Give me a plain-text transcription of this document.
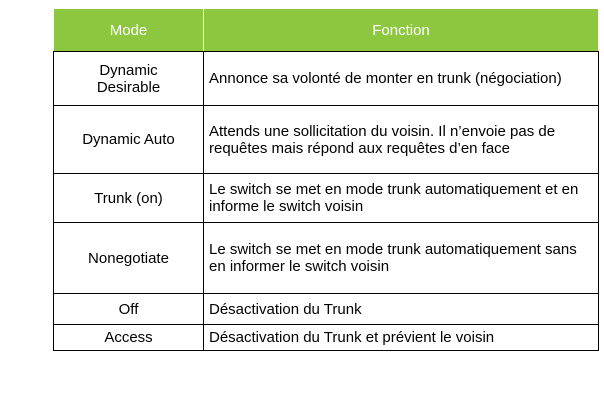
Mode	Fonction
Dynamic
Desirable	Annonce sa volonté de monter en trunk (négociation)
Dynamic Auto	Attends une sollicitation du voisin. Il n’envoie pas de requêtes mais répond aux requêtes d’en face
Trunk (on)	Le switch se met en mode trunk automatiquement et en informe le switch voisin
Nonegotiate	Le switch se met en mode trunk automatiquement sans en informer le switch voisin
Off	Désactivation du Trunk
Access	Désactivation du Trunk et prévient le voisin
